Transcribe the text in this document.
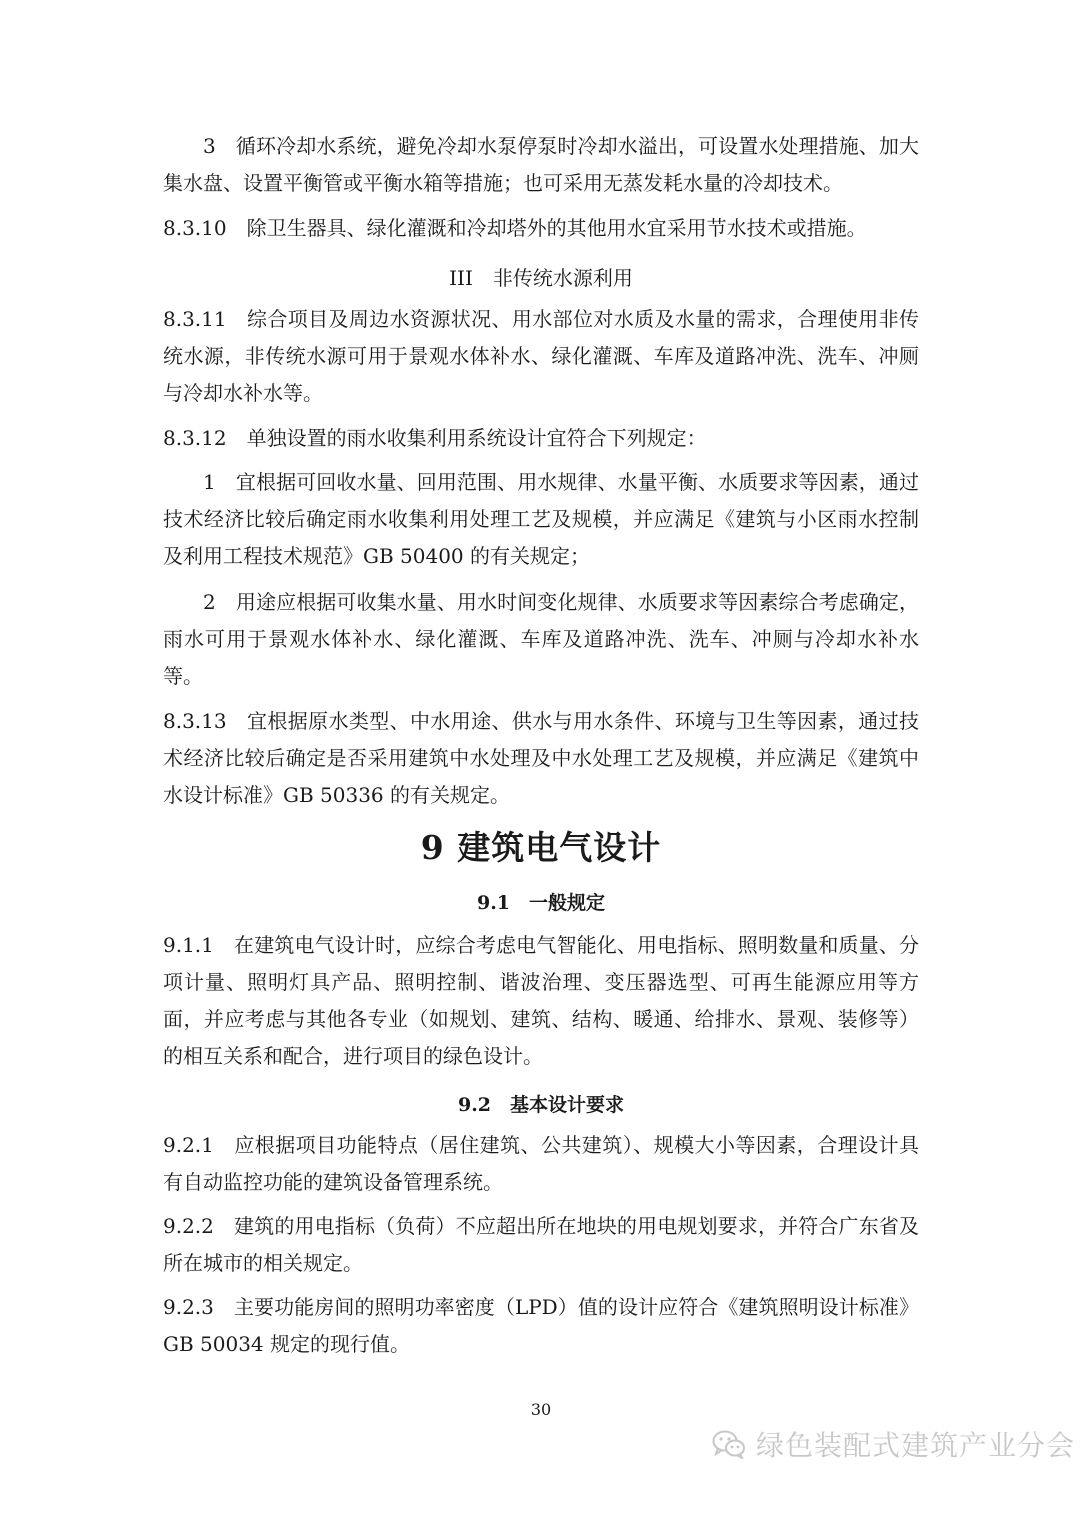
3　循环冷却水系统，避免冷却水泵停泵时冷却水溢出，可设置水处理措施、加大集水盘、设置平衡管或平衡水箱等措施；也可采用无蒸发耗水量的冷却技术。

8.3.10 除卫生器具、绿化灌溉和冷却塔外的其他用水宜采用节水技术或措施。

III　非传统水源利用

8.3.11 综合项目及周边水资源状况、用水部位对水质及水量的需求，合理使用非传统水源，非传统水源可用于景观水体补水、绿化灌溉、车库及道路冲洗、洗车、冲厕与冷却水补水等。

8.3.12 单独设置的雨水收集利用系统设计宜符合下列规定：

1　宜根据可回收水量、回用范围、用水规律、水量平衡、水质要求等因素，通过技术经济比较后确定雨水收集利用处理工艺及规模，并应满足《建筑与小区雨水控制及利用工程技术规范》GB 50400 的有关规定；

2　用途应根据可收集水量、用水时间变化规律、水质要求等因素综合考虑确定，雨水可用于景观水体补水、绿化灌溉、车库及道路冲洗、洗车、冲厕与冷却水补水等。

8.3.13 宜根据原水类型、中水用途、供水与用水条件、环境与卫生等因素，通过技术经济比较后确定是否采用建筑中水处理及中水处理工艺及规模，并应满足《建筑中水设计标准》GB 50336 的有关规定。

9 建筑电气设计
9.1　一般规定

9.1.1 在建筑电气设计时，应综合考虑电气智能化、用电指标、照明数量和质量、分项计量、照明灯具产品、照明控制、谐波治理、变压器选型、可再生能源应用等方面，并应考虑与其他各专业（如规划、建筑、结构、暖通、给排水、景观、装修等）的相互关系和配合，进行项目的绿色设计。

9.2　基本设计要求

9.2.1 应根据项目功能特点（居住建筑、公共建筑）、规模大小等因素，合理设计具有自动监控功能的建筑设备管理系统。

9.2.2 建筑的用电指标（负荷）不应超出所在地块的用电规划要求，并符合广东省及所在城市的相关规定。

9.2.3 主要功能房间的照明功率密度（LPD）值的设计应符合《建筑照明设计标准》GB 50034 规定的现行值。

30
绿色装配式建筑产业分会
